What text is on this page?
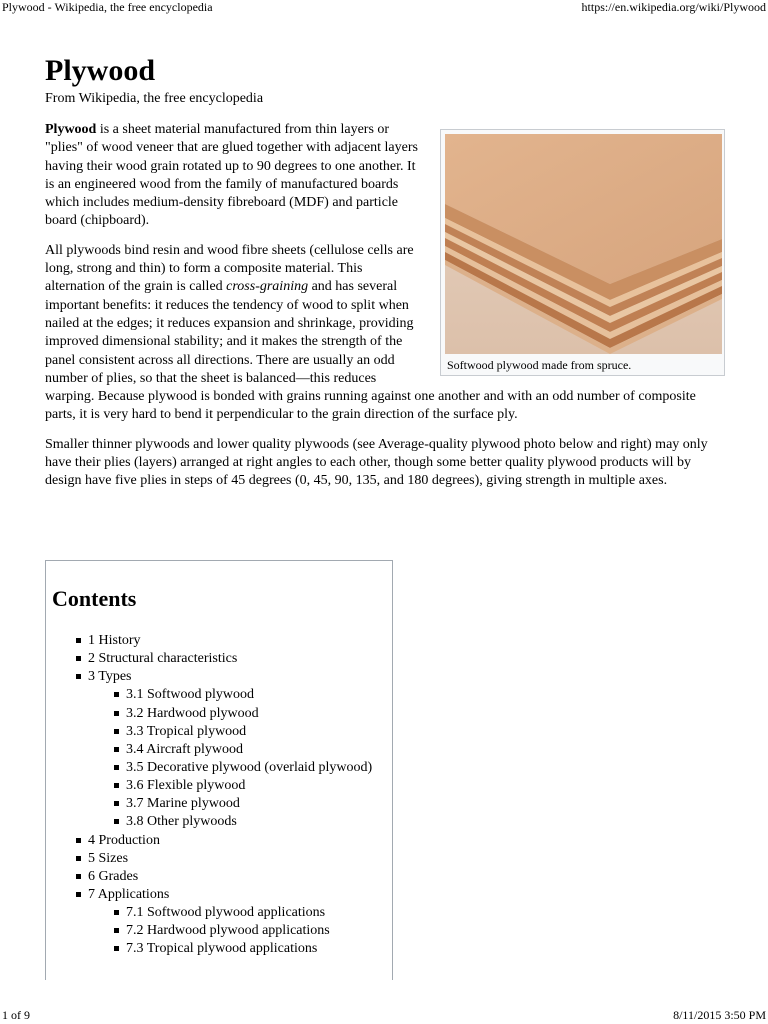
Plywood - Wikipedia, the free encyclopedia	https://en.wikipedia.org/wiki/Plywood
Plywood
From Wikipedia, the free encyclopedia
Softwood plywood made from spruce.

Plywood is a sheet material manufactured from thin layers or "plies" of wood veneer that are glued together with adjacent layers having their wood grain rotated up to 90 degrees to one another. It is an engineered wood from the family of manufactured boards which includes medium-density fibreboard (MDF) and particle board (chipboard).

All plywoods bind resin and wood fibre sheets (cellulose cells are long, strong and thin) to form a composite material. This alternation of the grain is called cross-graining and has several important benefits: it reduces the tendency of wood to split when nailed at the edges; it reduces expansion and shrinkage, providing improved dimensional stability; and it makes the strength of the panel consistent across all directions. There are usually an odd number of plies, so that the sheet is balanced—this reduces warping. Because plywood is bonded with grains running against one another and with an odd number of composite parts, it is very hard to bend it perpendicular to the grain direction of the surface ply.

Smaller thinner plywoods and lower quality plywoods (see Average-quality plywood photo below and right) may only have their plies (layers) arranged at right angles to each other, though some better quality plywood products will by design have five plies in steps of 45 degrees (0, 45, 90, 135, and 180 degrees), giving strength in multiple axes.

Contents
1 History
2 Structural characteristics
3 Types
3.1 Softwood plywood
3.2 Hardwood plywood
3.3 Tropical plywood
3.4 Aircraft plywood
3.5 Decorative plywood (overlaid plywood)
3.6 Flexible plywood
3.7 Marine plywood
3.8 Other plywoods
4 Production
5 Sizes
6 Grades
7 Applications
7.1 Softwood plywood applications
7.2 Hardwood plywood applications
7.3 Tropical plywood applications
1 of 9	8/11/2015 3:50 PM
